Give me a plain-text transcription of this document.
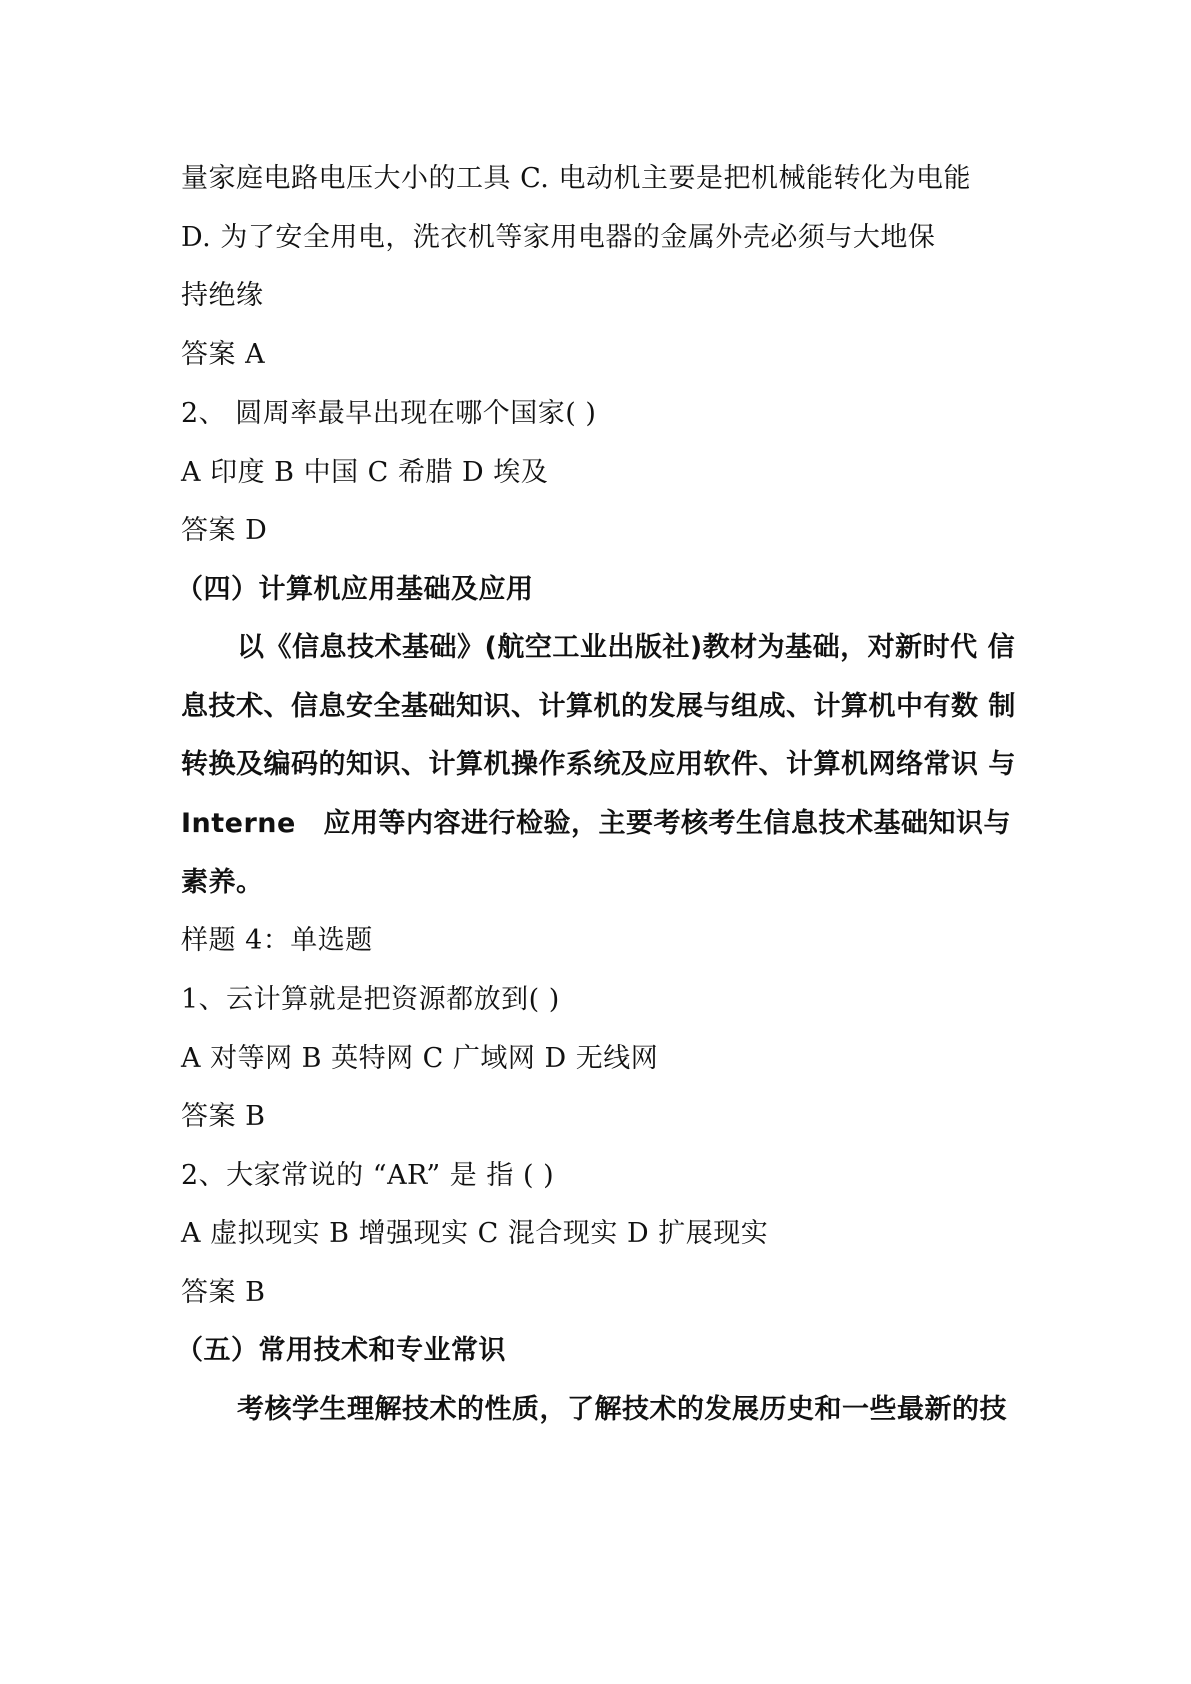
量家庭电路电压大小的工具 C. 电动机主要是把机械能转化为电能
D. 为了安全用电，洗衣机等家用电器的金属外壳必须与大地保
持绝缘
答案 A
2、 圆周率最早出现在哪个国家( )
A 印度 B 中国 C 希腊 D 埃及
答案 D
（四）计算机应用基础及应用
以《信息技术基础》(航空工业出版社)教材为基础，对新时代 信
息技术、信息安全基础知识、计算机的发展与组成、计算机中有数 制
转换及编码的知识、计算机操作系统及应用软件、计算机网络常识 与
Interne 应用等内容进行检验，主要考核考生信息技术基础知识与
素养。
样题 4：单选题
1、云计算就是把资源都放到( )
A 对等网 B 英特网 C 广域网 D 无线网
答案 B
2、大家常说的 “AR” 是 指 ( )
A 虚拟现实 B 增强现实 C 混合现实 D 扩展现实
答案 B
（五）常用技术和专业常识
考核学生理解技术的性质，了解技术的发展历史和一些最新的技
